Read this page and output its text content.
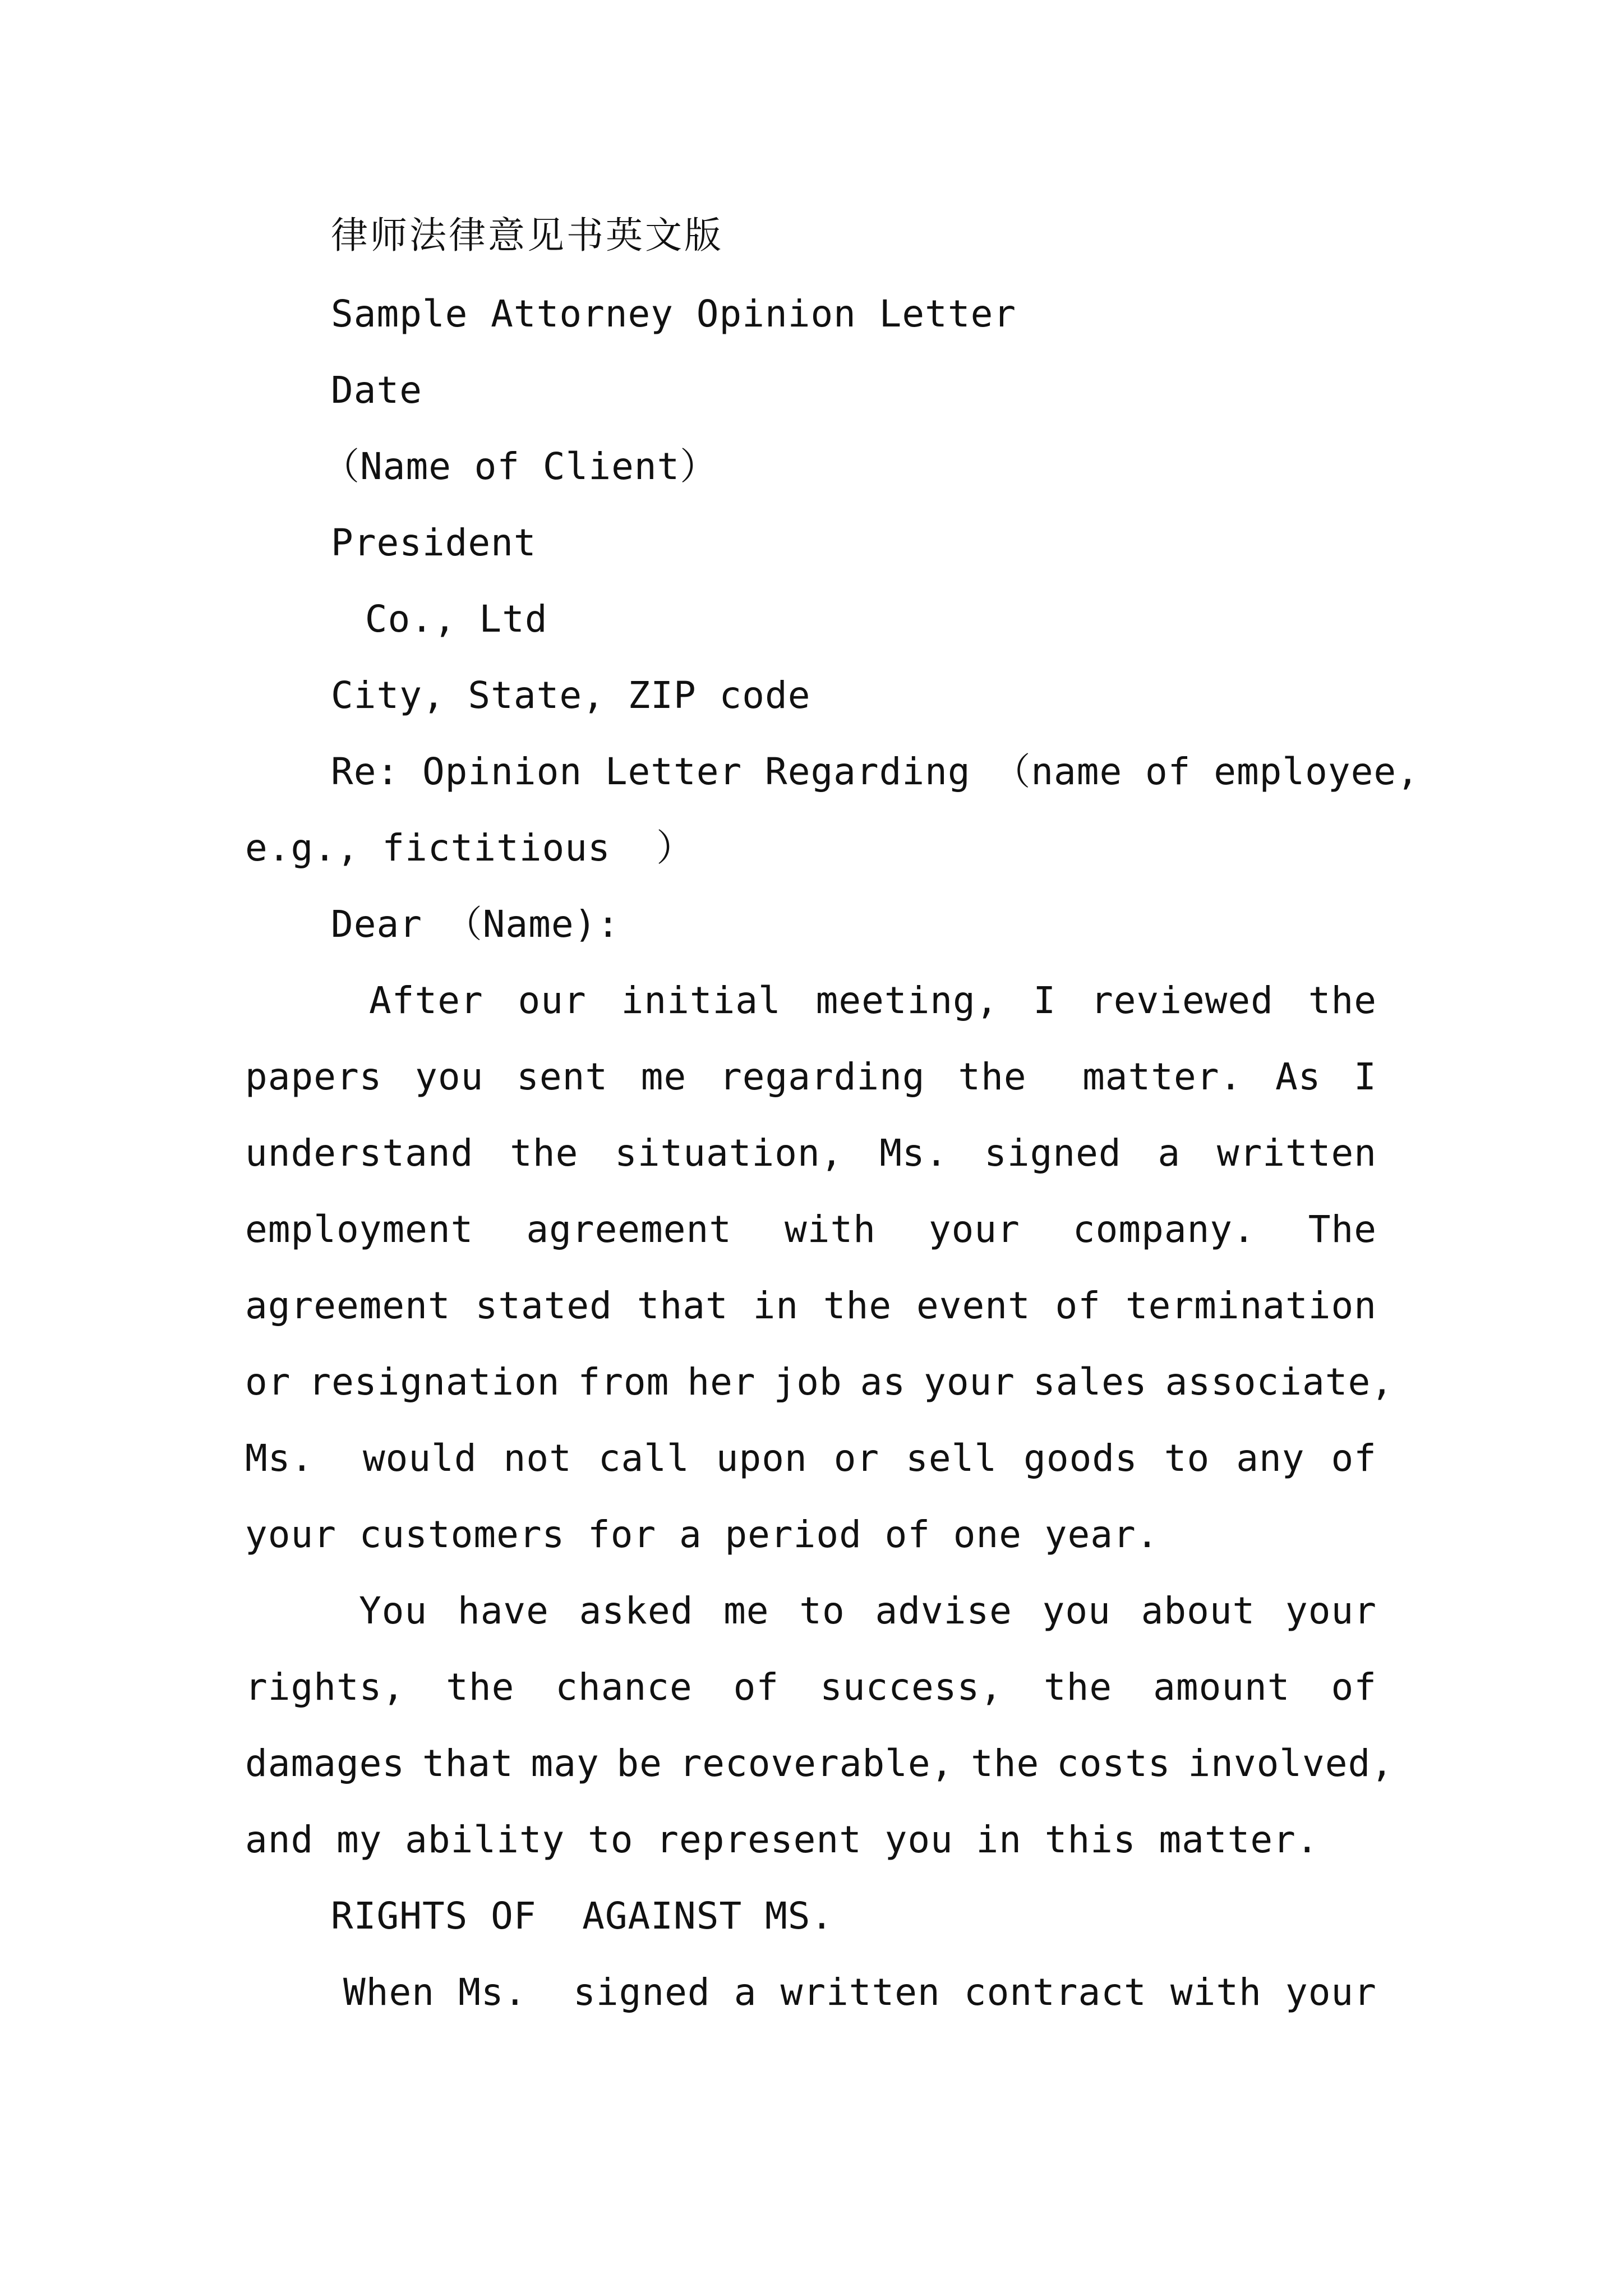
律师法律意见书英文版
Sample Attorney Opinion Letter
Date
（Name of Client）
President
Co., Ltd
City, State, ZIP code
Re: Opinion Letter Regarding （name of employee,
e.g., fictitious  ）
Dear （Name):
After our initial meeting, I reviewed the
papers you sent me regarding the matter. As I
understand the situation, Ms. signed a written
employment agreement with your company. The
agreement stated that in the event of termination
or resignation from her job as your sales associate,
Ms. would not call upon or sell goods to any of
your customers for a period of one year.
You have asked me to advise you about your
rights, the chance of success, the amount of
damages that may be recoverable, the costs involved,
and my ability to represent you in this matter.
RIGHTS OF  AGAINST MS.
When Ms. signed a written contract with your
